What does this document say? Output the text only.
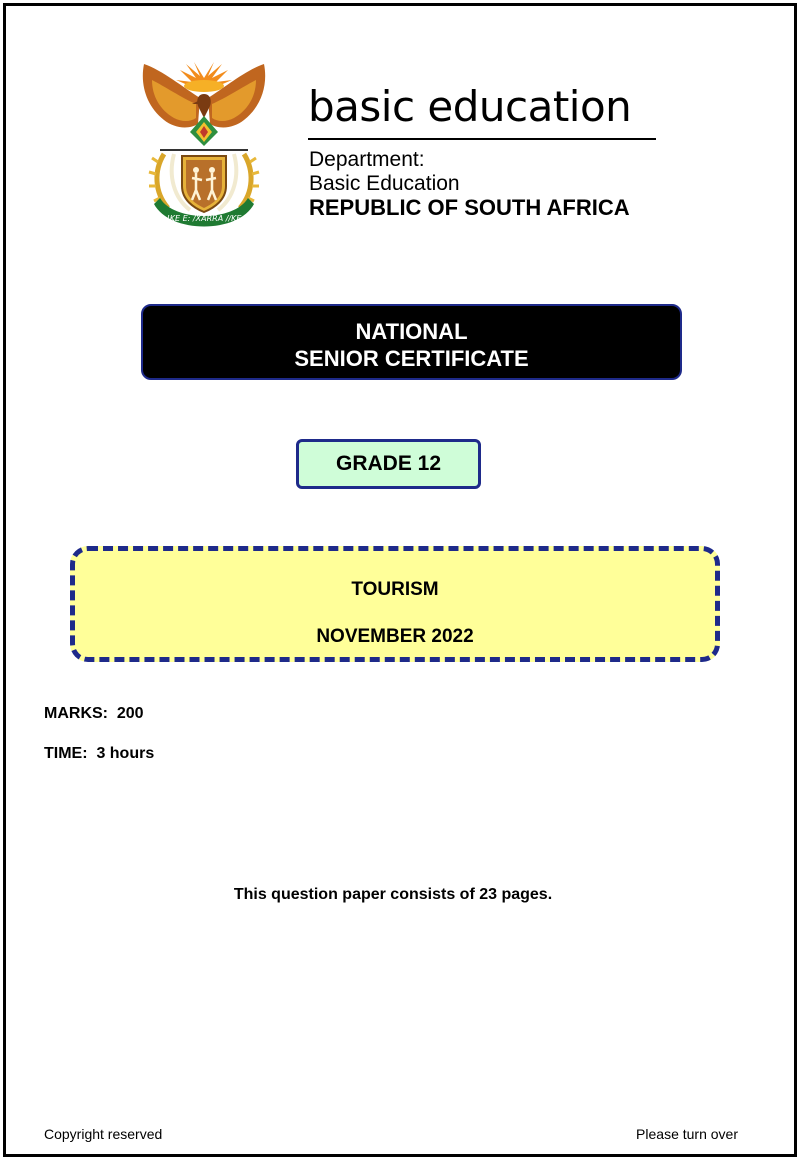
!KE E: /XARRA //KE
basic education
Department:
Basic Education
REPUBLIC OF SOUTH AFRICA
NATIONAL
SENIOR CERTIFICATE
GRADE 12
TOURISM
NOVEMBER 2022
MARKS:  200
TIME:  3 hours
This question paper consists of 23 pages.
Copyright reserved	Please turn over
